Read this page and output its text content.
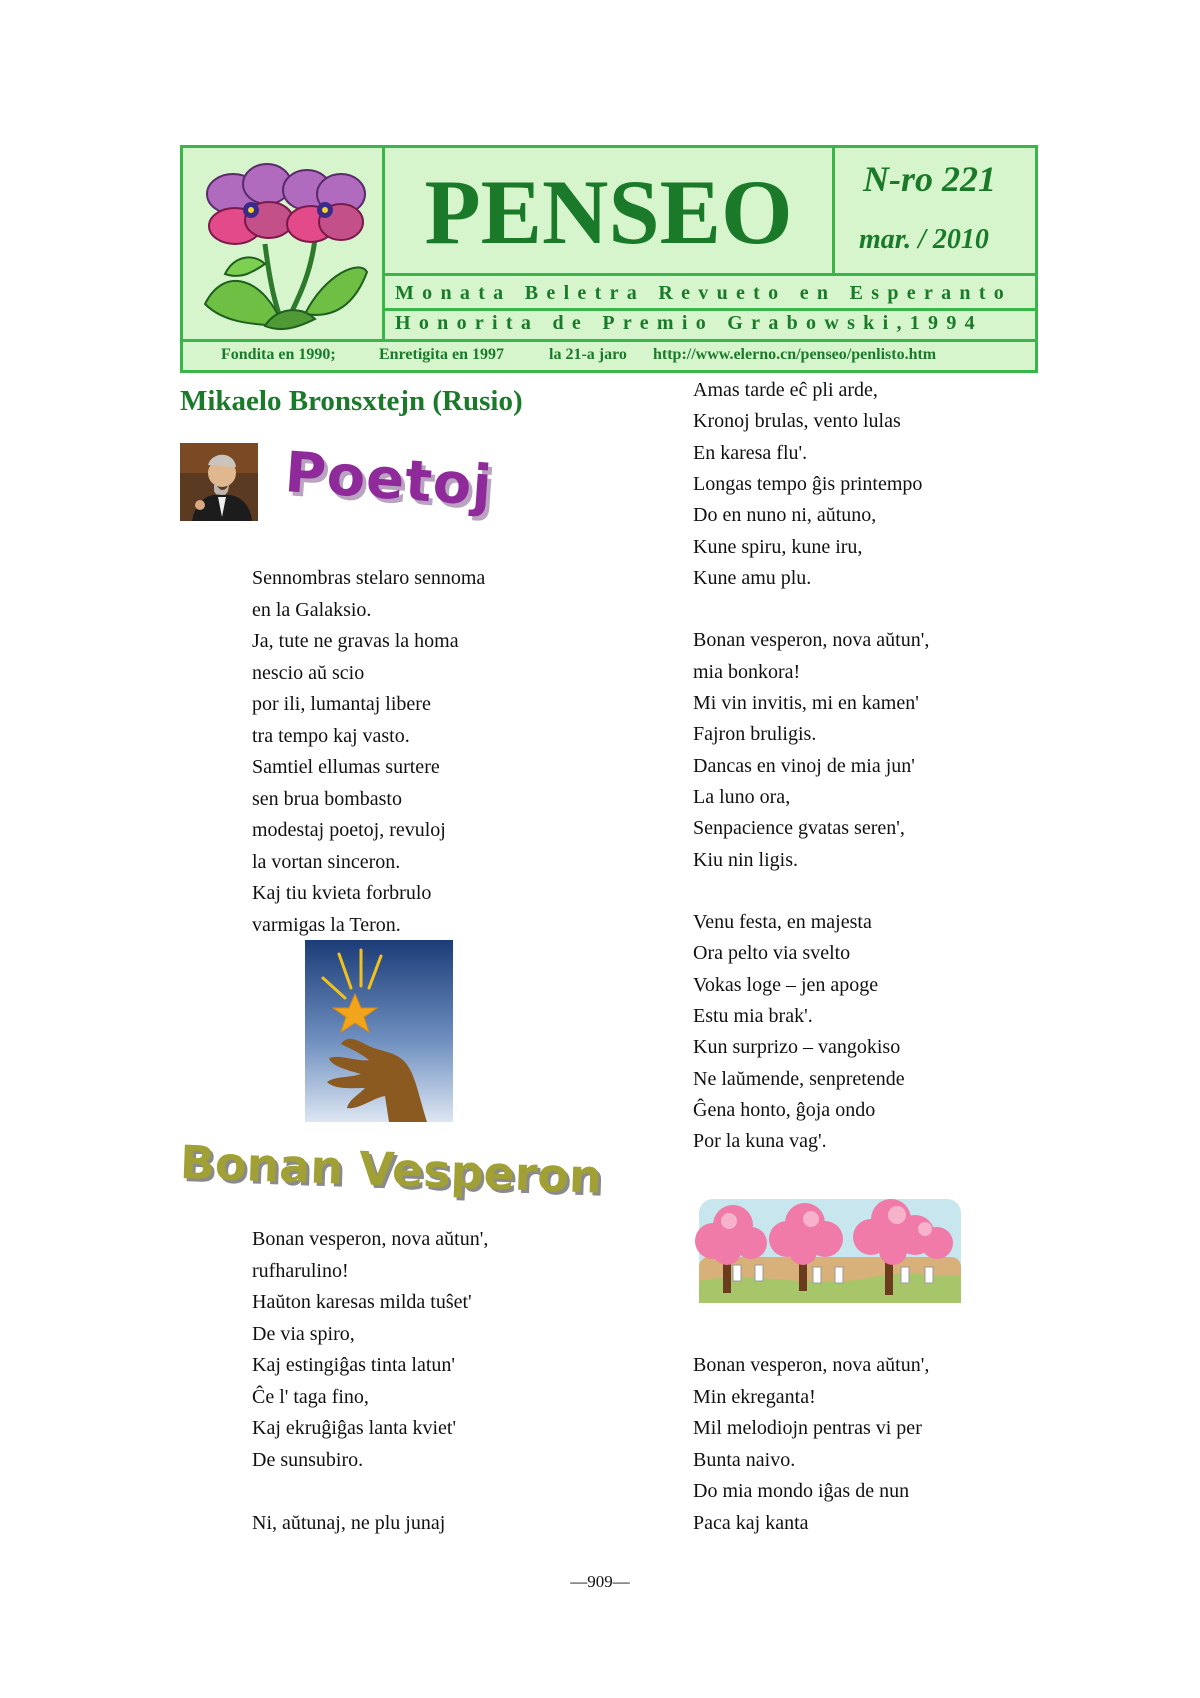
PENSEO	N-ro 221
mar. / 2010
Monata Beletra Revueto en Esperanto
Honorita de Premio Grabowski,1994
Fondita en 1990;	Enretigita en 1997	la 21-a jaro http://www.elerno.cn/penseo/penlisto.htm
Mikaelo Bronsxtejn (Rusio)
Poetoj
Sennombras stelaro sennoma
en la Galaksio.
Ja, tute ne gravas la homa
nescio aŭ scio
por ili, lumantaj libere
tra tempo kaj vasto.
Samtiel ellumas surtere
sen brua bombasto
modestaj poetoj, revuloj
la vortan sinceron.
Kaj tiu kvieta forbrulo
varmigas la Teron.
Bonan Vesperon
Bonan vesperon, nova aŭtun',
rufharulino!
Haŭton karesas milda tuŝet'
De via spiro,
Kaj estingiĝas tinta latun'
Ĉe l' taga fino,
Kaj ekruĝiĝas lanta kviet'
De sunsubiro.
Ni, aŭtunaj, ne plu junaj
Amas tarde eĉ pli arde,
Kronoj brulas, vento lulas
En karesa flu'.
Longas tempo ĝis printempo
Do en nuno ni, aŭtuno,
Kune spiru, kune iru,
Kune amu plu.
Bonan vesperon, nova aŭtun',
mia bonkora!
Mi vin invitis, mi en kamen'
Fajron bruligis.
Dancas en vinoj de mia jun'
La luno ora,
Senpacience gvatas seren',
Kiu nin ligis.
Venu festa, en majesta
Ora pelto via svelto
Vokas loge – jen apoge
Estu mia brak'.
Kun surprizo – vangokiso
Ne laŭmende, senpretende
Ĝena honto, ĝoja ondo
Por la kuna vag'.
Bonan vesperon, nova aŭtun',
Min ekreganta!
Mil melodiojn pentras vi per
Bunta naivo.
Do mia mondo iĝas de nun
Paca kaj kanta
—909—
